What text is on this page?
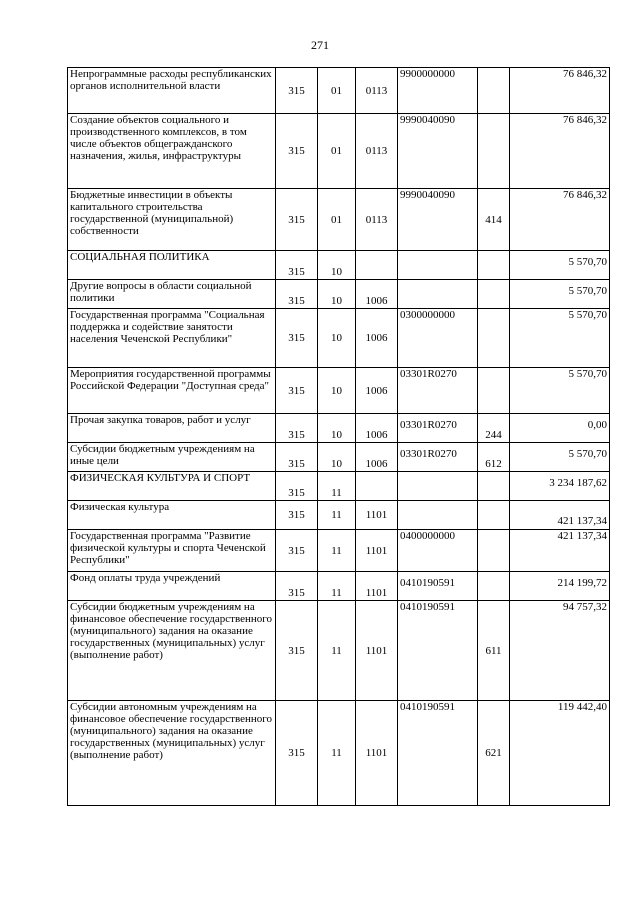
271
Непрограммные расходы республиканских органов исполнительной власти	315	01	0113	9900000000		76 846,32
Создание объектов социального и производственного комплексов, в том числе объектов общегражданского назначения, жилья, инфраструктуры	315	01	0113	9990040090		76 846,32
Бюджетные инвестиции в объекты капитального строительства государственной (муниципальной) собственности	315	01	0113	9990040090	414	76 846,32
СОЦИАЛЬНАЯ ПОЛИТИКА	315	10				5 570,70
Другие вопросы в области социальной политики	315	10	1006			5 570,70
Государственная программа "Социальная поддержка и содействие занятости населения Чеченской Республики"	315	10	1006	0300000000		5 570,70
Мероприятия государственной программы Российской Федерации "Доступная среда"	315	10	1006	03301R0270		5 570,70
Прочая закупка товаров, работ и услуг	315	10	1006	03301R0270	244	0,00
Субсидии бюджетным учреждениям на иные цели	315	10	1006	03301R0270	612	5 570,70
ФИЗИЧЕСКАЯ КУЛЬТУРА И СПОРТ	315	11				3 234 187,62
Физическая культура	315	11	1101			421 137,34
Государственная программа "Развитие физической культуры и спорта Чеченской Республики"	315	11	1101	0400000000		421 137,34
Фонд оплаты труда учреждений	315	11	1101	0410190591		214 199,72
Субсидии бюджетным учреждениям на финансовое обеспечение государственного (муниципального) задания на оказание государственных (муниципальных) услуг (выполнение работ)	315	11	1101	0410190591	611	94 757,32
Субсидии автономным учреждениям на финансовое обеспечение государственного (муниципального) задания на оказание государственных (муниципальных) услуг (выполнение работ)	315	11	1101	0410190591	621	119 442,40
